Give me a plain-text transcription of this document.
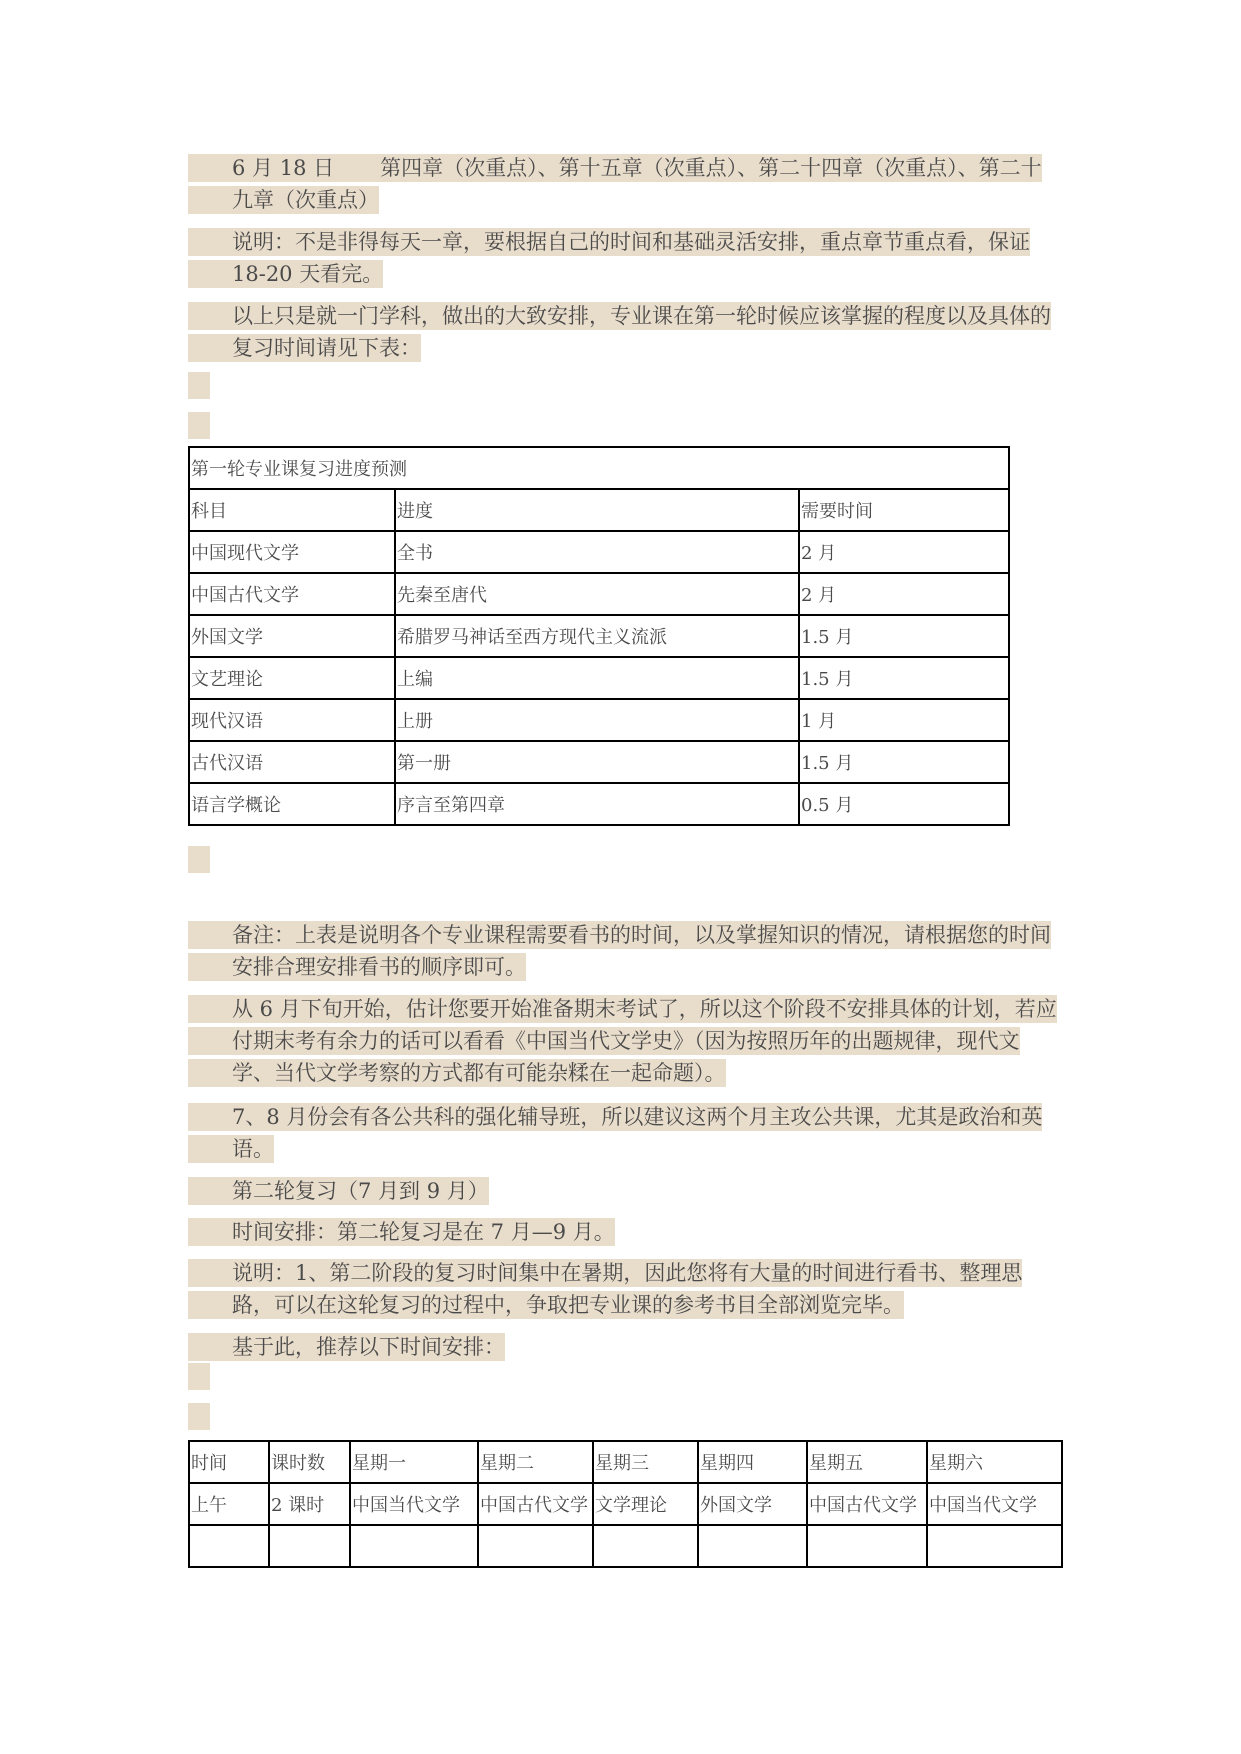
6 月 18 日 第四章（次重点）、第十五章（次重点）、第二十四章（次重点）、第二十九章（次重点）
说明：不是非得每天一章，要根据自己的时间和基础灵活安排，重点章节重点看，保证 18-20 天看完。
以上只是就一门学科，做出的大致安排，专业课在第一轮时候应该掌握的程度以及具体的复习时间请见下表：
第一轮专业课复习进度预测		
科目	进度	需要时间
中国现代文学	全书	2 月
中国古代文学	先秦至唐代	2 月
外国文学	希腊罗马神话至西方现代主义流派	1.5 月
文艺理论	上编	1.5 月
现代汉语	上册	1 月
古代汉语	第一册	1.5 月
语言学概论	序言至第四章	0.5 月
备注：上表是说明各个专业课程需要看书的时间，以及掌握知识的情况，请根据您的时间安排合理安排看书的顺序即可。
从 6 月下旬开始，估计您要开始准备期末考试了，所以这个阶段不安排具体的计划，若应付期末考有余力的话可以看看《中国当代文学史》（因为按照历年的出题规律，现代文学、当代文学考察的方式都有可能杂糅在一起命题）。
7、8 月份会有各公共科的强化辅导班，所以建议这两个月主攻公共课，尤其是政治和英语。
第二轮复习（7 月到 9 月）
时间安排：第二轮复习是在 7 月—9 月。
说明：1、第二阶段的复习时间集中在暑期，因此您将有大量的时间进行看书、整理思路，可以在这轮复习的过程中，争取把专业课的参考书目全部浏览完毕。
基于此，推荐以下时间安排：
时间	课时数	星期一	星期二	星期三	星期四	星期五	星期六
上午	2 课时	中国当代文学	中国古代文学	文学理论	外国文学	中国古代文学	中国当代文学
